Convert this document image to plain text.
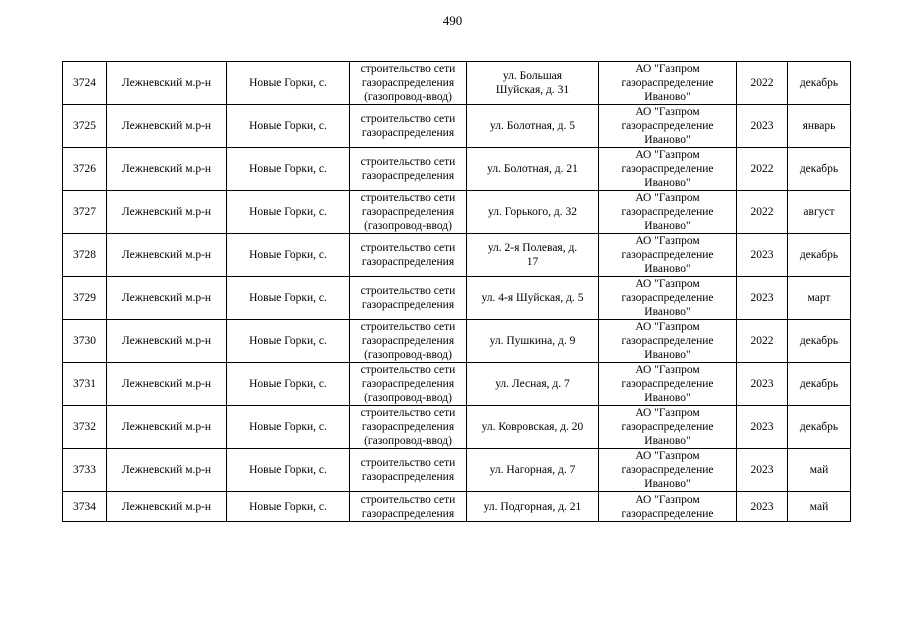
490
3724	Лежневский м.р-н	Новые Горки, с.	строительство сети
газораспределения
(газопровод-ввод)	ул. Большая
Шуйская, д. 31	АО "Газпром
газораспределение
Иваново"	2022	декабрь

3725	Лежневский м.р-н	Новые Горки, с.	строительство сети
газораспределения	ул. Болотная, д. 5	АО "Газпром
газораспределение
Иваново"	2023	январь

3726	Лежневский м.р-н	Новые Горки, с.	строительство сети
газораспределения	ул. Болотная, д. 21	АО "Газпром
газораспределение
Иваново"	2022	декабрь

3727	Лежневский м.р-н	Новые Горки, с.	строительство сети
газораспределения
(газопровод-ввод)	ул. Горького, д. 32	АО "Газпром
газораспределение
Иваново"	2022	август

3728	Лежневский м.р-н	Новые Горки, с.	строительство сети
газораспределения	ул. 2-я Полевая, д.
17	АО "Газпром
газораспределение
Иваново"	2023	декабрь

3729	Лежневский м.р-н	Новые Горки, с.	строительство сети
газораспределения	ул. 4-я Шуйская, д. 5	АО "Газпром
газораспределение
Иваново"	2023	март

3730	Лежневский м.р-н	Новые Горки, с.	строительство сети
газораспределения
(газопровод-ввод)	ул. Пушкина, д. 9	АО "Газпром
газораспределение
Иваново"	2022	декабрь

3731	Лежневский м.р-н	Новые Горки, с.	строительство сети
газораспределения
(газопровод-ввод)	ул. Лесная, д. 7	АО "Газпром
газораспределение
Иваново"	2023	декабрь

3732	Лежневский м.р-н	Новые Горки, с.	строительство сети
газораспределения
(газопровод-ввод)	ул. Ковровская, д. 20	АО "Газпром
газораспределение
Иваново"	2023	декабрь

3733	Лежневский м.р-н	Новые Горки, с.	строительство сети
газораспределения	ул. Нагорная, д. 7	АО "Газпром
газораспределение
Иваново"	2023	май

3734	Лежневский м.р-н	Новые Горки, с.	строительство сети
газораспределения	ул. Подгорная, д. 21	АО "Газпром
газораспределение	2023	май
